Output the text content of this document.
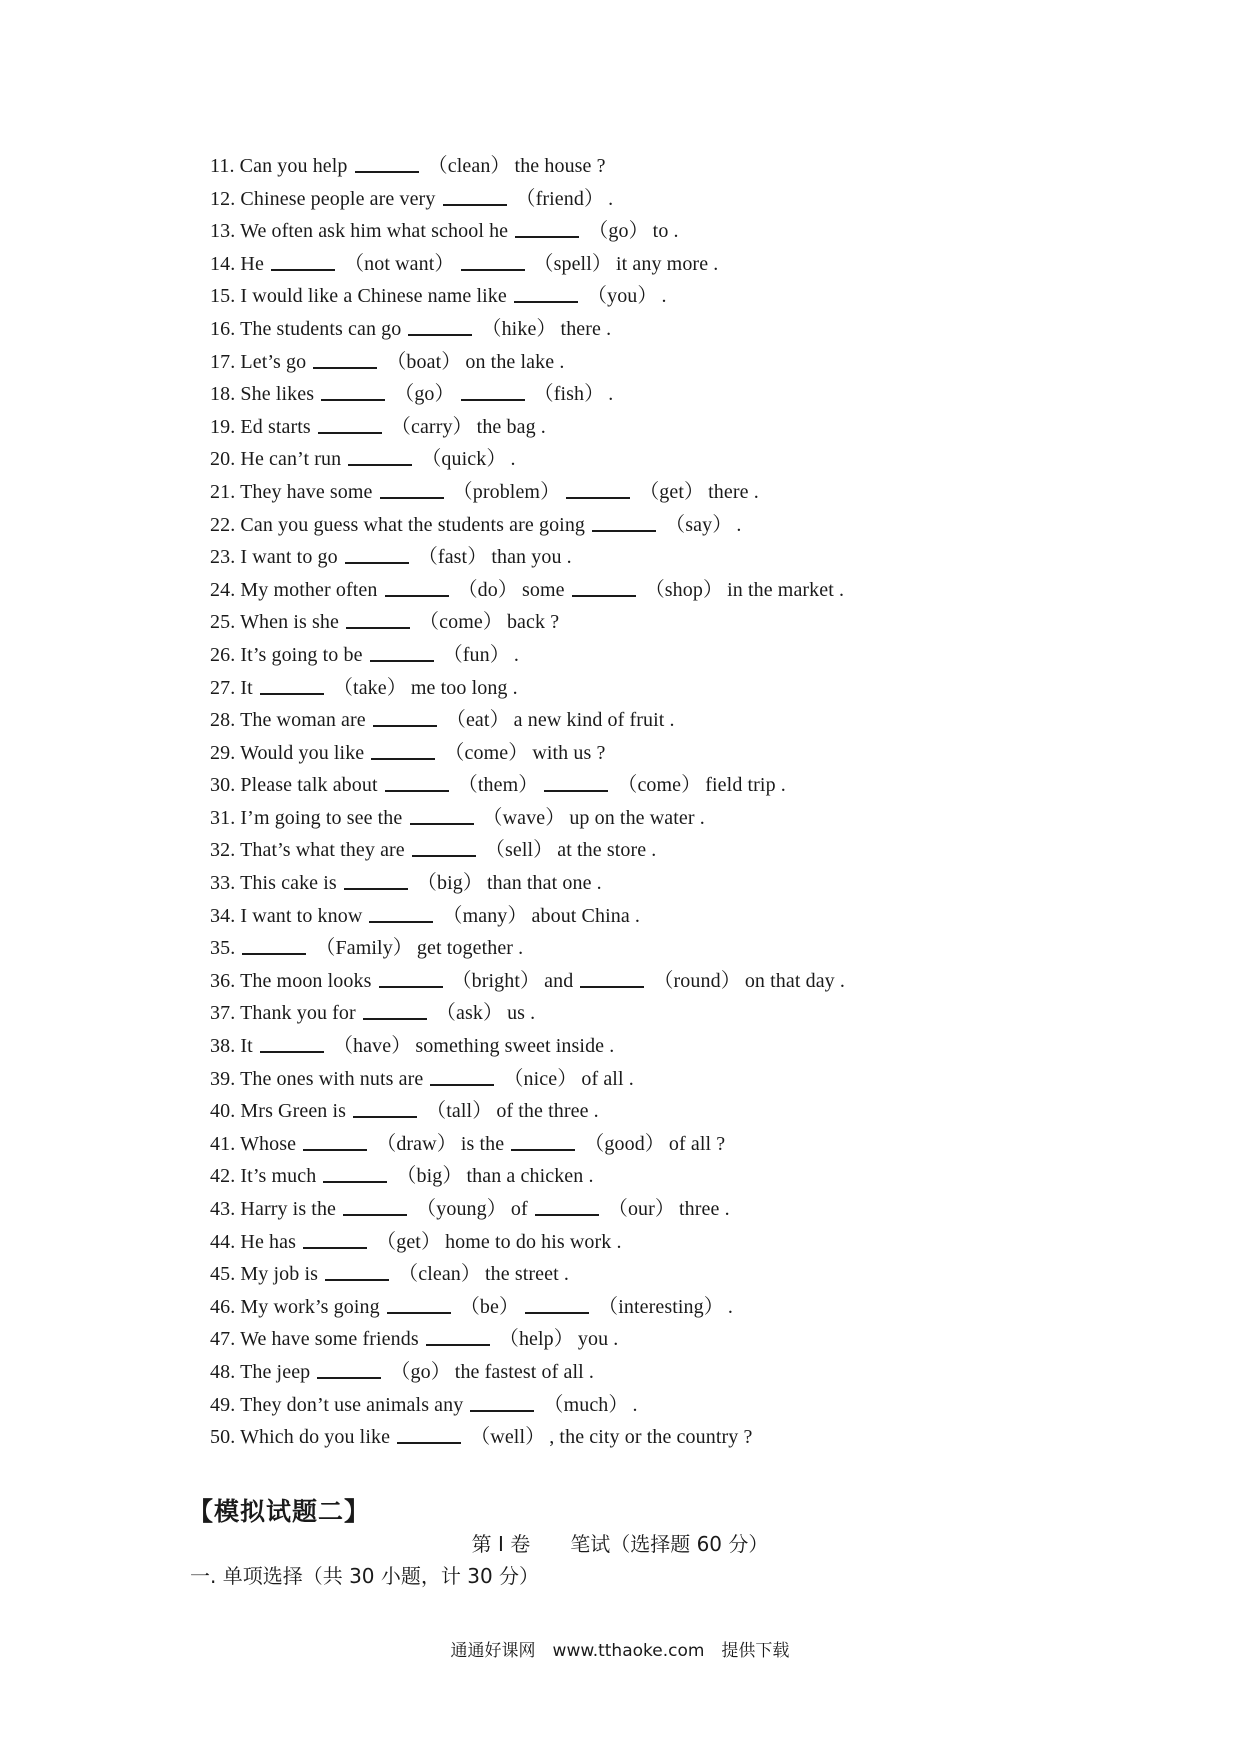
11. Can you help	（clean） the house ?
12. Chinese people are very	（friend） .
13. We often ask him what school he	（go） to .
14. He	（not want）	（spell） it any more .
15. I would like a Chinese name like	（you） .
16. The students can go	（hike） there .
17. Let’s go	（boat） on the lake .
18. She likes	（go）	（fish） .
19. Ed starts	（carry） the bag .
20. He can’t run	（quick） .
21. They have some	（problem）	（get） there .
22. Can you guess what the students are going	（say） .
23. I want to go	（fast） than you .
24. My mother often	（do） some	（shop） in the market .
25. When is she	（come） back ?
26. It’s going to be	（fun） .
27. It	（take） me too long .
28. The woman are	（eat） a new kind of fruit .
29. Would you like	（come） with us ?
30. Please talk about	（them）	（come） field trip .
31. I’m going to see the	（wave） up on the water .
32. That’s what they are	（sell） at the store .
33. This cake is	（big） than that one .
34. I want to know	（many） about China .
35.	（Family） get together .
36. The moon looks	（bright） and	（round） on that day .
37. Thank you for	（ask） us .
38. It	（have） something sweet inside .
39. The ones with nuts are	（nice） of all .
40. Mrs Green is	（tall） of the three .
41. Whose	（draw） is the	（good） of all ?
42. It’s much	（big） than a chicken .
43. Harry is the	（young） of	（our） three .
44. He has	（get） home to do his work .
45. My job is	（clean） the street .
46. My work’s going	（be）	（interesting） .
47. We have some friends	（help） you .
48. The jeep	（go） the fastest of all .
49. They don’t use animals any	（much） .
50. Which do you like	（well） , the city or the country ?
【模拟试题二】
第 I 卷　　笔试（选择题 60 分）
一. 单项选择（共 30 小题，计 30 分）
通通好课网　www.tthaoke.com　提供下载
